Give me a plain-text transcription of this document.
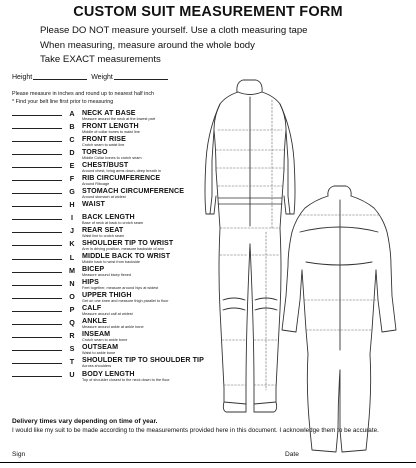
CUSTOM SUIT MEASUREMENT FORM
Please DO NOT measure yourself. Use a cloth measuring tape
When measuring, measure around the whole body
Take EXACT measurements
Height	Weight
Please measure in inches and round up to nearest half inch
* Find your belt line first prior to measuring
A	NECK AT BASE
Measure around the neck at the lowest part
B	FRONT LENGTH
Middle of collar bones to waist line
C	FRONT RISE
Crotch seam to waist line
D	TORSO
Middle Collar bones to crotch seam
E	CHEST/BUST
Around chest, bring arms down, deep breath in
F	RIB CIRCUMFERENCE
Around Ribcage
G	STOMACH CIRCUMFERENCE
Around stomach at widest
H	WAIST
I	BACK LENGTH
Base of neck at back to crotch seam
J	REAR SEAT
Waist line to crotch seam
K	SHOULDER TIP TO WRIST
Arm in driving position, measure backside of arm
L	MIDDLE BACK TO WRIST
Middle back to wrist from backside
M BICEP
Measure around bicep flexed
N	HIPS
Feet together, measure around hips at widest
O	UPPER THIGH
Get on one knee and measure thigh parallel to floor
P	CALF
Measure around calf at widest
Q	ANKLE
Measure around ankle at ankle bone
R	INSEAM
Crotch seam to ankle bone
S	OUTSEAM
Waist to ankle bone
T	SHOULDER TIP TO SHOULDER TIP
Across shoulders
U	BODY LENGTH
Top of shoulder closest to the neck down to the floor
Delivery times vary depending on time of year.
I would like my suit to be made according to the measurements provided here in this document. I acknowledge them to be accurate.
Sign	Date
